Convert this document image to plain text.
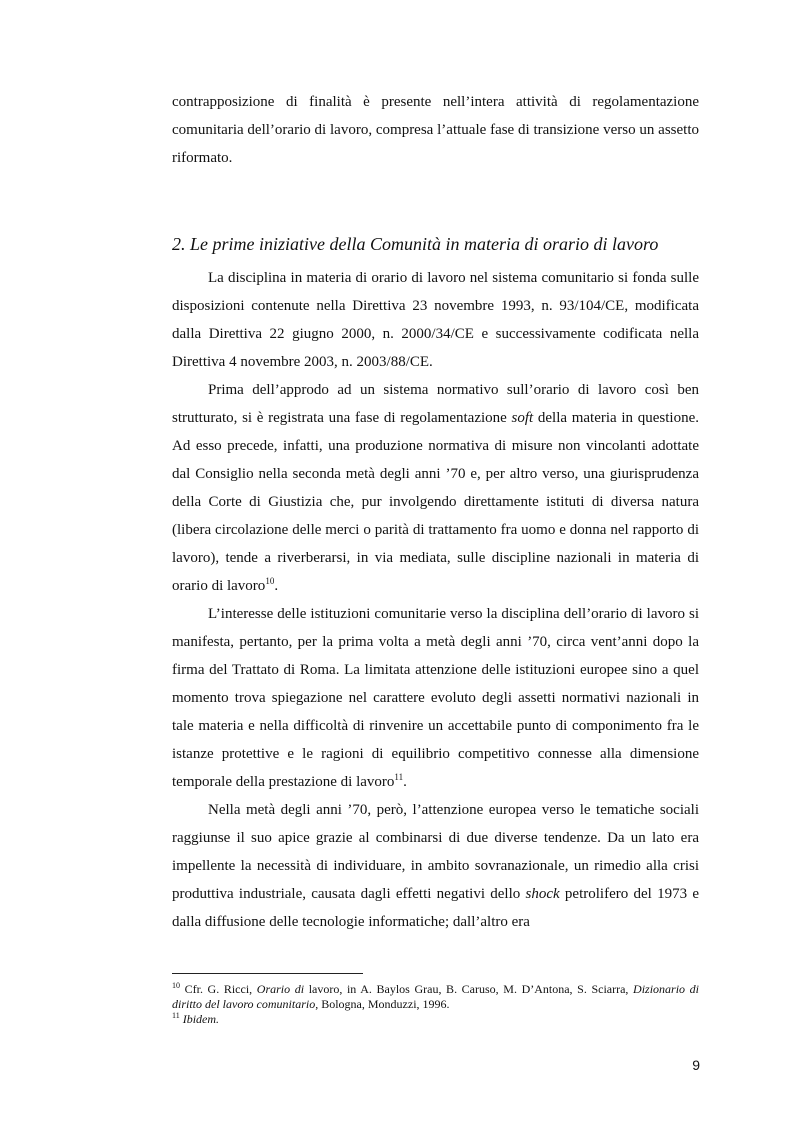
contrapposizione di finalità è presente nell’intera attività di regolamentazione comunitaria dell’orario di lavoro, compresa l’attuale fase di transizione verso un assetto riformato.

2. Le prime iniziative della Comunità in materia di orario di lavoro

La disciplina in materia di orario di lavoro nel sistema comunitario si fonda sulle disposizioni contenute nella Direttiva 23 novembre 1993, n. 93/104/CE, modificata dalla Direttiva 22 giugno 2000, n. 2000/34/CE e successivamente codificata nella Direttiva 4 novembre 2003, n. 2003/88/CE.

Prima dell’approdo ad un sistema normativo sull’orario di lavoro così ben strutturato, si è registrata una fase di regolamentazione soft della materia in questione. Ad esso precede, infatti, una produzione normativa di misure non vincolanti adottate dal Consiglio nella seconda metà degli anni ’70 e, per altro verso, una giurisprudenza della Corte di Giustizia che, pur involgendo direttamente istituti di diversa natura (libera circolazione delle merci o parità di trattamento fra uomo e donna nel rapporto di lavoro), tende a riverberarsi, in via mediata, sulle discipline nazionali in materia di orario di lavoro$^{10}$.

L’interesse delle istituzioni comunitarie verso la disciplina dell’orario di lavoro si manifesta, pertanto, per la prima volta a metà degli anni ’70, circa vent’anni dopo la firma del Trattato di Roma. La limitata attenzione delle istituzioni europee sino a quel momento trova spiegazione nel carattere evoluto degli assetti normativi nazionali in tale materia e nella difficoltà di rinvenire un accettabile punto di componimento fra le istanze protettive e le ragioni di equilibrio competitivo connesse alla dimensione temporale della prestazione di lavoro$^{11}$.

Nella metà degli anni ’70, però, l’attenzione europea verso le tematiche sociali raggiunse il suo apice grazie al combinarsi di due diverse tendenze. Da un lato era impellente la necessità di individuare, in ambito sovranazionale, un rimedio alla crisi produttiva industriale, causata dagli effetti negativi dello shock petrolifero del 1973 e dalla diffusione delle tecnologie informatiche; dall’altro era

$^{10}$ Cfr. G. Ricci, Orario di lavoro, in A. Baylos Grau, B. Caruso, M. D’Antona, S. Sciarra, Dizionario di diritto del lavoro comunitario, Bologna, Monduzzi, 1996.

$^{11}$ Ibidem.

9
